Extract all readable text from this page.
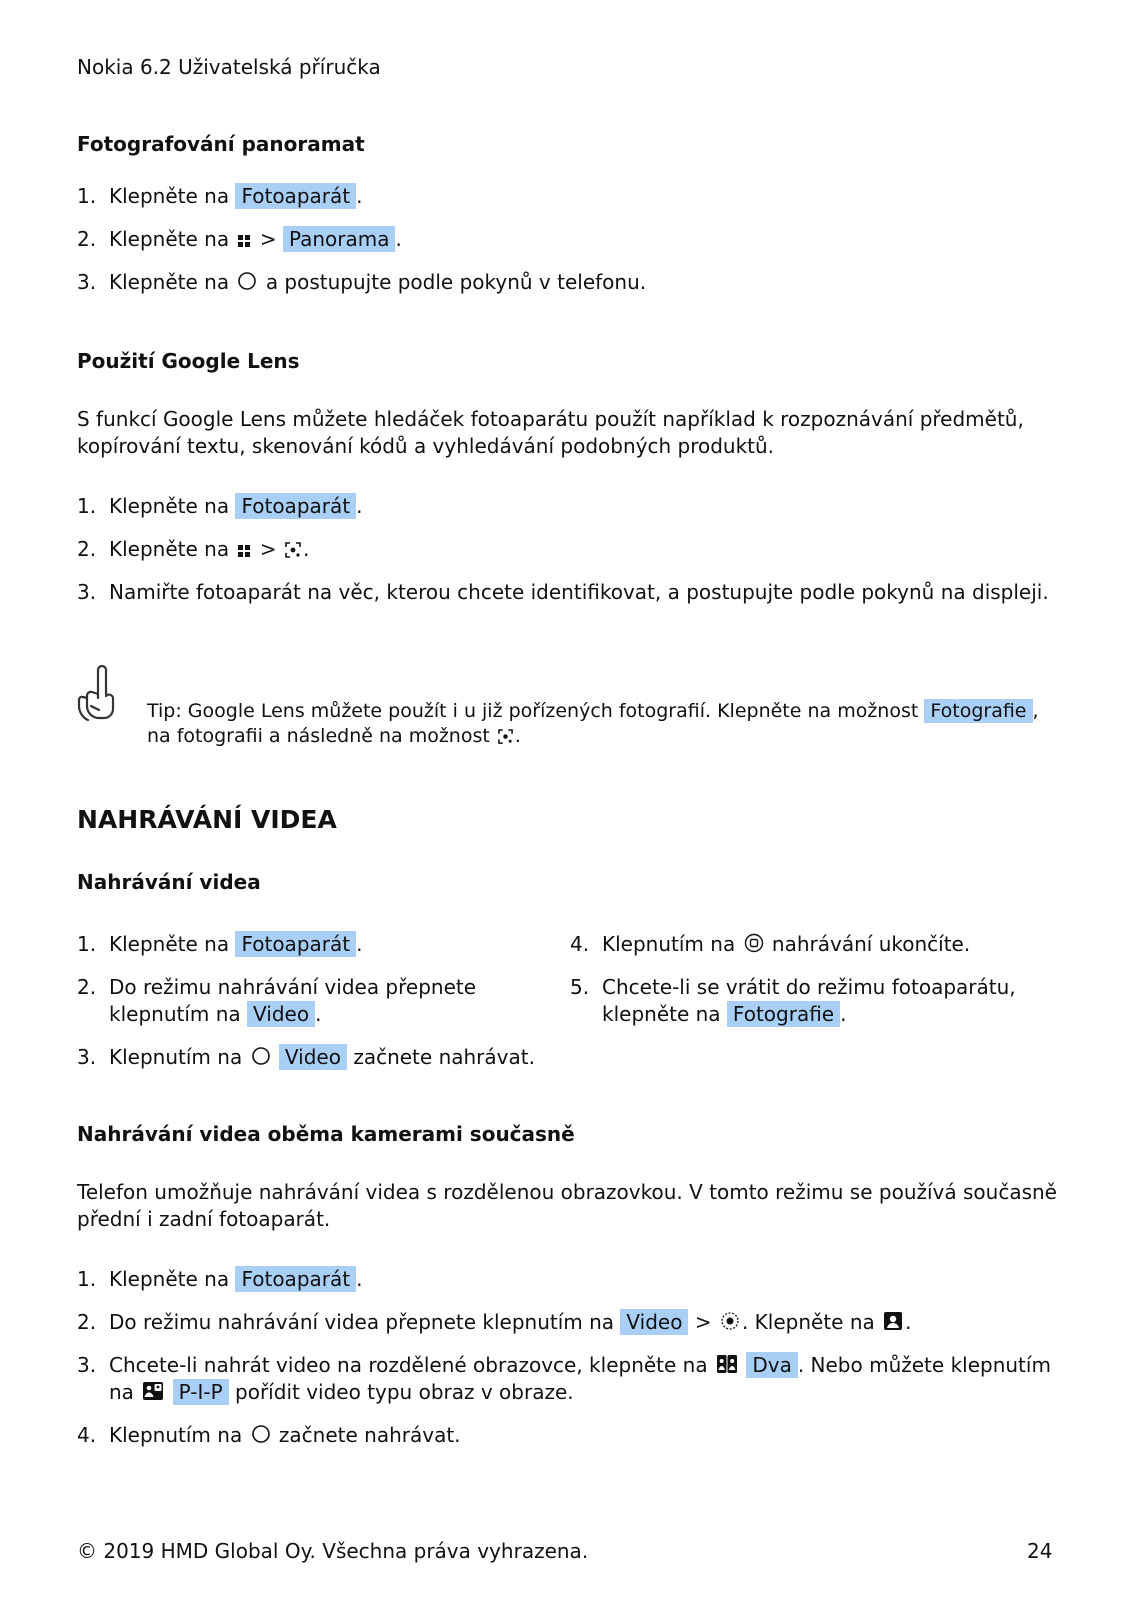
Nokia 6.2 Uživatelská příručka
Fotografování panoramat
1. Klepněte na Fotoaparát .
2. Klepněte na > Panorama .
3. Klepněte na a postupujte podle pokynů v telefonu.
Použití Google Lens
S funkcí Google Lens můžete hledáček fotoaparátu použít například k rozpoznávání předmětů, kopírování textu, skenování kódů a vyhledávání podobných produktů.
1. Klepněte na Fotoaparát .
2. Klepněte na > .
3. Namiřte fotoaparát na věc, kterou chcete identifikovat, a postupujte podle pokynů na displeji.
Tip: Google Lens můžete použít i u již pořízených fotografií. Klepněte na možnost Fotografie , na fotografii a následně na možnost .
NAHRÁVÁNÍ VIDEA
Nahrávání videa
1. Klepněte na Fotoaparát .
2. Do režimu nahrávání videa přepnete klepnutím na Video .
3. Klepnutím na Video začnete nahrávat.
4. Klepnutím na nahrávání ukončíte.
5. Chcete-li se vrátit do režimu fotoaparátu, klepněte na Fotografie .
Nahrávání videa oběma kamerami současně
Telefon umožňuje nahrávání videa s rozdělenou obrazovkou. V tomto režimu se používá současně přední i zadní fotoaparát.
1. Klepněte na Fotoaparát .
2. Do režimu nahrávání videa přepnete klepnutím na Video > . Klepněte na .
3. Chcete-li nahrát video na rozdělené obrazovce, klepněte na Dva . Nebo můžete klepnutím na P-I-P pořídit video typu obraz v obraze.
4. Klepnutím na začnete nahrávat.
© 2019 HMD Global Oy. Všechna práva vyhrazena.	24
